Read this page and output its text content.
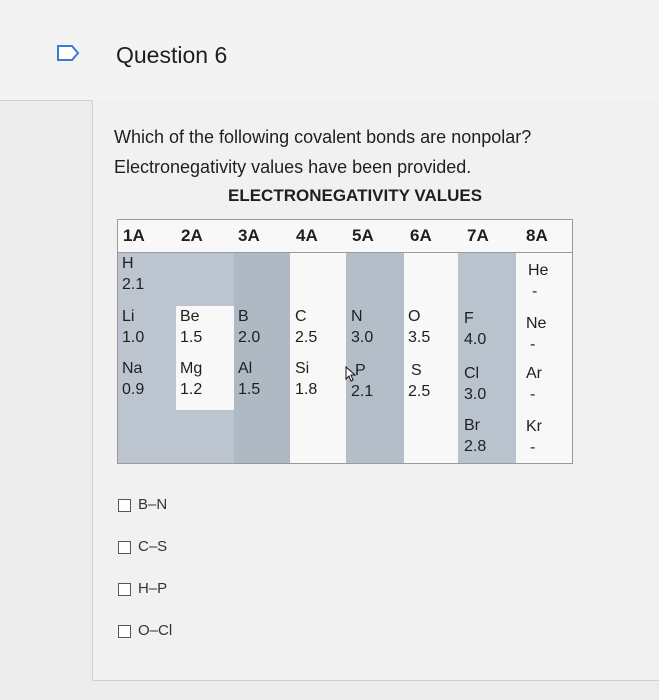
Question 6
Which of the following covalent bonds are nonpolar?
Electronegativity values have been provided.
ELECTRONEGATIVITY VALUES
1A 2A 3A 4A 5A 6A 7A 8A
H
2.1
He
-
Li
1.0
Be
1.5
B
2.0
C
2.5
N
3.0
O
3.5
F
4.0
Ne
-
Na
0.9
Mg
1.2
Al
1.5
Si
1.8
P
2.1
S
2.5
Cl
3.0
Ar
-
Br
2.8
Kr
-
B–N
C–S
H–P
O–Cl
